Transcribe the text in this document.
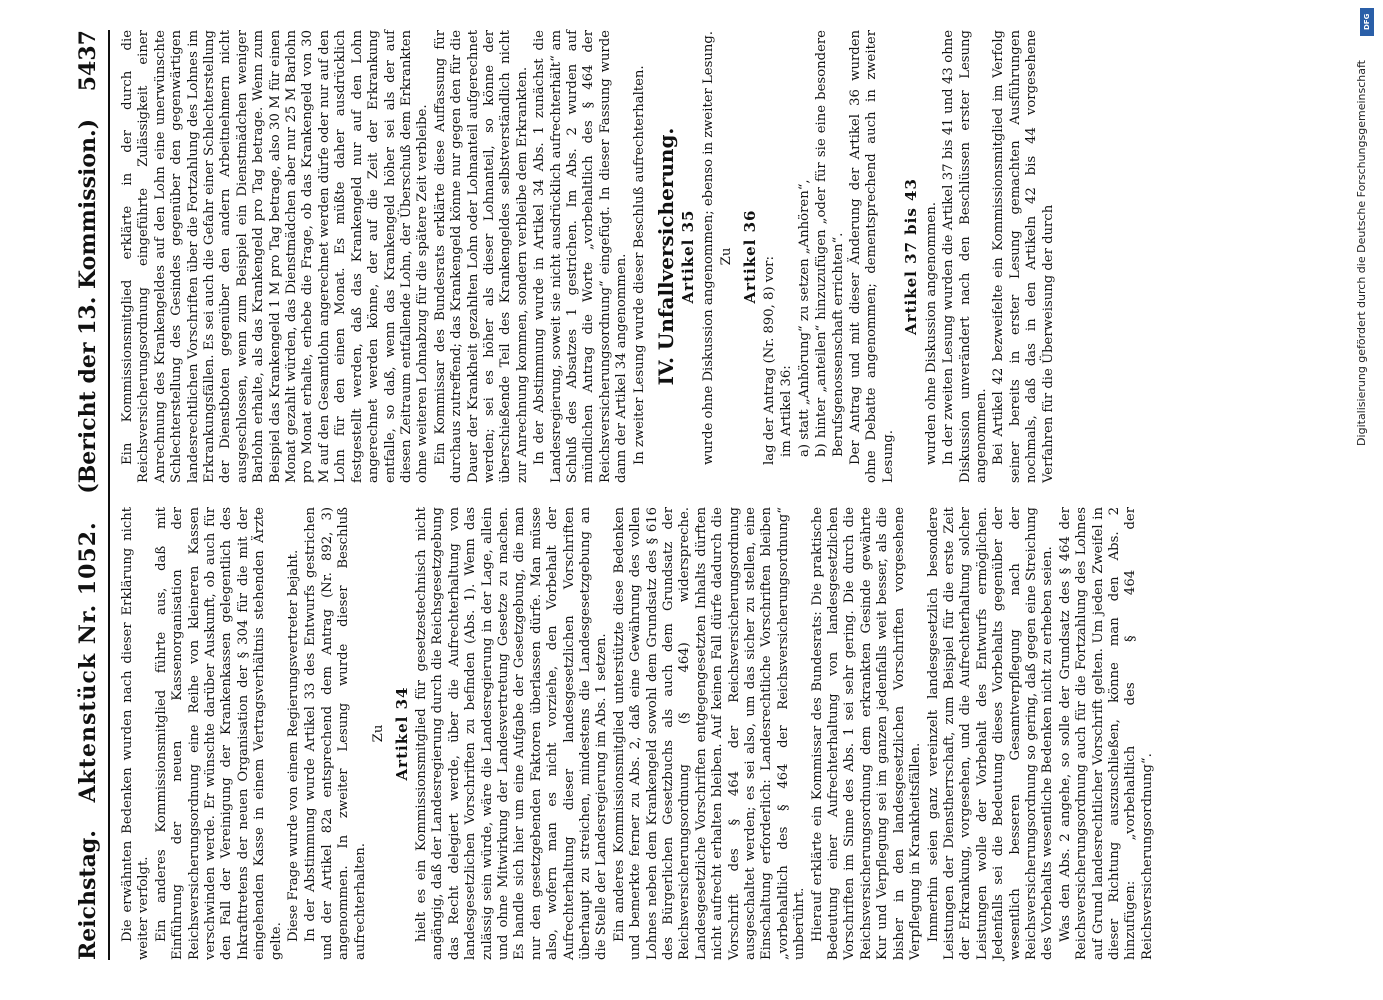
Reichstag.
Aktenstück Nr. 1052.
(Bericht der 13. Kommission.)
5437

Die erwähnten Bedenken wurden nach dieser Erklärung nicht weiter verfolgt. Ein anderes Kommissionsmitglied führte aus, daß mit Einführung der neuen Kassenorganisation der Reichsversicherungsordnung eine Reihe von kleineren Kassen verschwinden werde. Er wünschte darüber Auskunft, ob auch für den Fall der Vereinigung der Krankenkassen gelegentlich des Inkrafttretens der neuen Organisation der § 304 für die mit der eingehenden Kasse in einem Vertragsverhältnis stehenden Ärzte gelte. Diese Frage wurde von einem Regierungsvertreter bejaht. In der Abstimmung wurde Artikel 33 des Entwurfs gestrichen und der Artikel 82a entsprechend dem Antrag (Nr. 892, 3) angenommen. In zweiter Lesung wurde dieser Beschluß aufrechterhalten.

Zu Artikel 34 hielt es ein Kommissionsmitglied für gesetzestechnisch nicht angängig, daß der Landesregierung durch die Reichsgesetzgebung das Recht delegiert werde, über die Aufrechterhaltung von landesgesetzlichen Vorschriften zu befinden (Abs. 1). Wenn das zulässig sein würde, wäre die Landesregierung in der Lage, allein und ohne Mitwirkung der Landesvertretung Gesetze zu machen. Es handle sich hier um eine Aufgabe der Gesetzgebung, die man nur den gesetzgebenden Faktoren überlassen dürfe. Man müsse also, wofern man es nicht vorziehe, den Vorbehalt der Aufrechterhaltung dieser landesgesetzlichen Vorschriften überhaupt zu streichen, mindestens die Landesgesetzgebung an die Stelle der Landesregierung im Abs. 1 setzen. Ein anderes Kommissionsmitglied unterstützte diese Bedenken und bemerkte ferner zu Abs. 2, daß eine Gewährung des vollen Lohnes neben dem Krankengeld sowohl dem Grundsatz des § 616 des Bürgerlichen Gesetzbuchs als auch dem Grundsatz der Reichsversicherungsordnung (§ 464) widerspreche. Landesgesetzliche Vorschriften entgegengesetzten Inhalts dürften nicht aufrecht erhalten bleiben. Auf keinen Fall dürfe dadurch die Vorschrift des § 464 der Reichsversicherungsordnung ausgeschaltet werden; es sei also, um das sicher zu stellen, eine Einschaltung erforderlich: Landesrechtliche Vorschriften bleiben „vorbehaltlich des § 464 der Reichsversicherungsordnung“ unberührt. Hierauf erklärte ein Kommissar des Bundesrats: Die praktische Bedeutung einer Aufrechterhaltung von landesgesetzlichen Vorschriften im Sinne des Abs. 1 sei sehr gering. Die durch die Reichsversicherungsordnung dem erkrankten Gesinde gewährte Kur und Verpflegung sei im ganzen jedenfalls weit besser, als die bisher in den landesgesetzlichen Vorschriften vorgesehene Verpflegung in Krankheitsfällen. Immerhin seien ganz vereinzelt landesgesetzlich besondere Leistungen der Dienstherrschaft, zum Beispiel für die erste Zeit der Erkrankung, vorgesehen, und die Aufrechterhaltung solcher Leistungen wolle der Vorbehalt des Entwurfs ermöglichen. Jedenfalls sei die Bedeutung dieses Vorbehalts gegenüber der wesentlich besseren Gesamtverpflegung nach der Reichsversicherungsordnung so gering, daß gegen eine Streichung des Vorbehalts wesentliche Bedenken nicht zu erheben seien. Was den Abs. 2 angehe, so solle der Grundsatz des § 464 der Reichsversicherungsordnung auch für die Fortzahlung des Lohnes auf Grund landesrechtlicher Vorschrift gelten. Um jeden Zweifel in dieser Richtung auszuschließen, könne man den Abs. 2 hinzufügen: „vorbehaltlich des § 464 der Reichsversicherungsordnung“.

Ein Kommissionsmitglied erklärte in der durch die Reichsversicherungsordnung eingeführte Zulässigkeit einer Anrechnung des Krankengeldes auf den Lohn eine unerwünschte Schlechterstellung des Gesindes gegenüber den gegenwärtigen landesrechtlichen Vorschriften über die Fortzahlung des Lohnes im Erkrankungsfällen. Es sei auch die Gefahr einer Schlechterstellung der Dienstboten gegenüber den andern Arbeitnehmern nicht ausgeschlossen, wenn zum Beispiel ein Dienstmädchen weniger Barlohn erhalte, als das Krankengeld pro Tag betrage. Wenn zum Beispiel das Krankengeld 1 M pro Tag betrage, also 30 M für einen Monat gezahlt würden, das Dienstmädchen aber nur 25 M Barlohn pro Monat erhalte, erhebe die Frage, ob das Krankengeld von 30 M auf den Gesamtlohn angerechnet werden dürfe oder nur auf den Lohn für den einen Monat. Es müßte daher ausdrücklich festgestellt werden, daß das Krankengeld nur auf den Lohn angerechnet werden könne, der auf die Zeit der Erkrankung entfalle, so daß, wenn das Krankengeld höher sei als der auf diesen Zeitraum entfallende Lohn, der Überschuß dem Erkrankten ohne weiteren Lohnabzug für die spätere Zeit verbleibe. Ein Kommissar des Bundesrats erklärte diese Auffassung für durchaus zutreffend; das Krankengeld könne nur gegen den für die Dauer der Krankheit gezahlten Lohn oder Lohnanteil aufgerechnet werden; sei es höher als dieser Lohnanteil, so könne der überschießende Teil des Krankengeldes selbstverständlich nicht zur Anrechnung kommen, sondern verbleibe dem Erkrankten. In der Abstimmung wurde in Artikel 34 Abs. 1 zunächst die Landesregierung, soweit sie nicht ausdrücklich aufrechterhält“ am Schluß des Absatzes 1 gestrichen. Im Abs. 2 wurden auf mündlichen Antrag die Worte „vorbehaltlich des § 464 der Reichsversicherungsordnung“ eingefügt. In dieser Fassung wurde dann der Artikel 34 angenommen. In zweiter Lesung wurde dieser Beschluß aufrechterhalten. IV. Unfallversicherung. Artikel 35 wurde ohne Diskussion angenommen; ebenso in zweiter Lesung. Zu Artikel 36 lag der Antrag (Nr. 890, 8) vor: im Artikel 36: a) statt „Anhörung“ zu setzen „Anhören“, b) hinter „anteilen“ hinzuzufügen „oder für sie eine besondere Berufsgenossenschaft errichten“. Der Antrag und mit dieser Änderung der Artikel 36 wurden ohne Debatte angenommen; dementsprechend auch in zweiter Lesung.

Artikel 37 bis 43 wurden ohne Diskussion angenommen. In der zweiten Lesung wurden die Artikel 37 bis 41 und 43 ohne Diskussion unverändert nach den Beschlüssen erster Lesung angenommen. Bei Artikel 42 bezweifelte ein Kommissionsmitglied im Verfolg seiner bereits in erster Lesung gemachten Ausführungen nochmals, daß das in den Artikeln 42 bis 44 vorgesehene Verfahren für die Überweisung der durch

DFG
Digitalisierung gefördert durch die Deutsche Forschungsgemeinschaft
